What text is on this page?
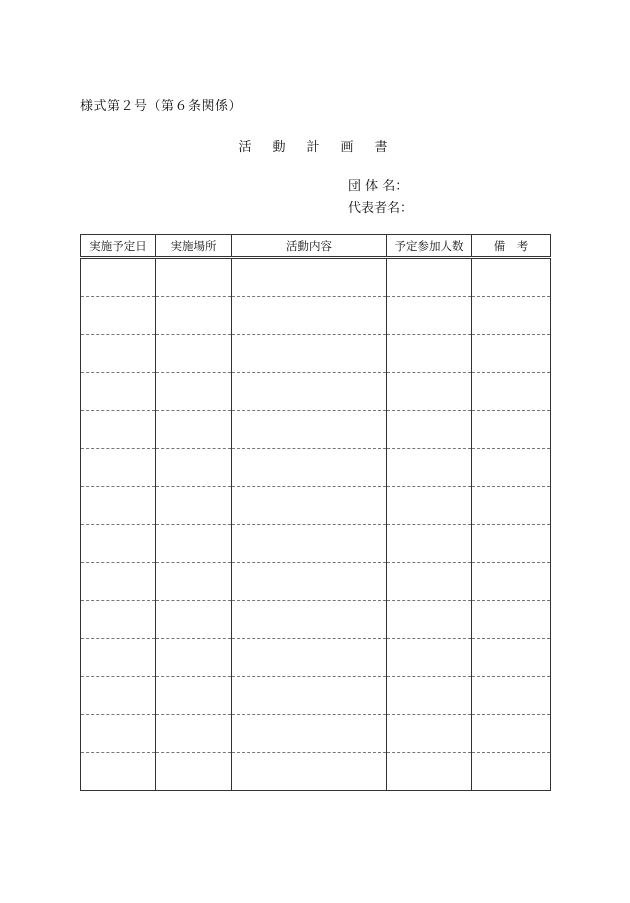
様式第２号（第６条関係）
活　動　計　画　書
団 体 名：
代表者名：
実施予定日	実施場所	活動内容	予定参加人数	備　考
